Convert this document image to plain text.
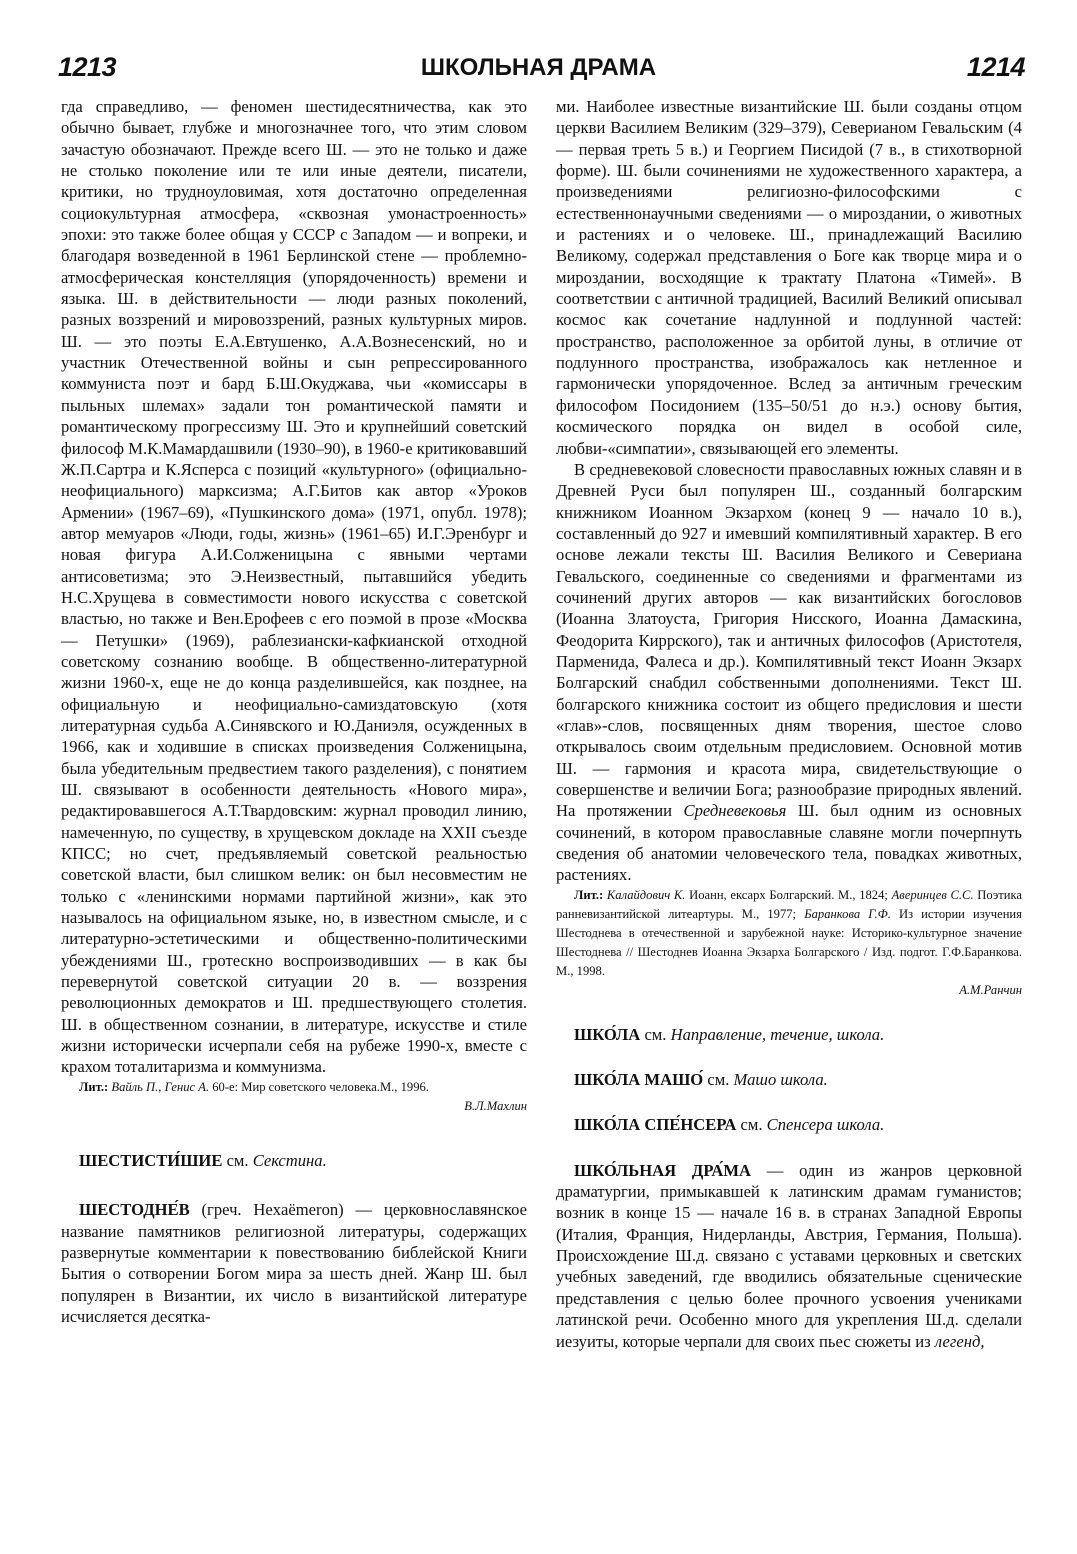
1213	ШКОЛЬНАЯ ДРАМА	1214

гда справедливо, — феномен шестидесятничества, как это обычно бывает, глубже и многозначнее того, что этим словом зачастую обозначают. Прежде всего Ш. — это не только и даже не столько поколение или те или иные деятели, писатели, критики, но трудноуловимая, хотя достаточно определенная социокультурная атмосфера, «сквозная умонастроенность» эпохи: это также более общая у СССР с Западом — и вопреки, и благодаря возведенной в 1961 Берлинской стене — проблемно-атмосферическая констелляция (упорядоченность) времени и языка. Ш. в действительности — люди разных поколений, разных воззрений и мировоззрений, разных культурных миров. Ш. — это поэты Е.А.Евтушенко, А.А.Вознесенский, но и участник Отечественной войны и сын репрессированного коммуниста поэт и бард Б.Ш.Окуджава, чьи «комиссары в пыльных шлемах» задали тон романтической памяти и романтическому прогрессизму Ш. Это и крупнейший советский философ М.К.Мамардашвили (1930–90), в 1960-е критиковавший Ж.П.Сартра и К.Ясперса с позиций «культурного» (официально-неофициального) марксизма; А.Г.Битов как автор «Уроков Армении» (1967–69), «Пушкинского дома» (1971, опубл. 1978); автор мемуаров «Люди, годы, жизнь» (1961–65) И.Г.Эренбург и новая фигура А.И.Солженицына с явными чертами антисоветизма; это Э.Неизвестный, пытавшийся убедить Н.С.Хрущева в совместимости нового искусства с советской властью, но также и Вен.Ерофеев с его поэмой в прозе «Москва — Петушки» (1969), раблезиански-кафкианской отходной советскому сознанию вообще. В общественно-литературной жизни 1960-х, еще не до конца разделившейся, как позднее, на официальную и неофициально-самиздатовскую (хотя литературная судьба А.Синявского и Ю.Даниэля, осужденных в 1966, как и ходившие в списках произведения Солженицына, была убедительным предвестием такого разделения), с понятием Ш. связывают в особенности деятельность «Нового мира», редактировавшегося А.Т.Твардовским: журнал проводил линию, намеченную, по существу, в хрущевском докладе на XXII съезде КПСС; но счет, предъявляемый советской реальностью советской власти, был слишком велик: он был несовместим не только с «ленинскими нормами партийной жизни», как это называлось на официальном языке, но, в известном смысле, и с литературно-эстетическими и общественно-политическими убеждениями Ш., гротескно воспроизводивших — в как бы перевернутой советской ситуации 20 в. — воззрения революционных демократов и Ш. предшествующего столетия. Ш. в общественном сознании, в литературе, искусстве и стиле жизни исторически исчерпали себя на рубеже 1990-х, вместе с крахом тоталитаризма и коммунизма.

Лит.: Вайль П., Генис А. 60-е: Мир советского человека.М., 1996.
В.Л.Махлин

ШЕСТИСТИ́ШИЕ см. Секстина.

ШЕСТОДНЕ́В (греч. Hexaëmeron) — церковнославянское название памятников религиозной литературы, содержащих развернутые комментарии к повествованию библейской Книги Бытия о сотворении Богом мира за шесть дней. Жанр Ш. был популярен в Византии, их число в византийской литературе исчисляется десятка-

ми. Наиболее известные византийские Ш. были созданы отцом церкви Василием Великим (329–379), Северианом Гевальским (4 — первая треть 5 в.) и Георгием Писидой (7 в., в стихотворной форме). Ш. были сочинениями не художественного характера, а произведениями религиозно-философскими с естественнонаучными сведениями — о мироздании, о животных и растениях и о человеке. Ш., принадлежащий Василию Великому, содержал представления о Боге как творце мира и о мироздании, восходящие к трактату Платона «Тимей». В соответствии с античной традицией, Василий Великий описывал космос как сочетание надлунной и подлунной частей: пространство, расположенное за орбитой луны, в отличие от подлунного пространства, изображалось как нетленное и гармонически упорядоченное. Вслед за античным греческим философом Посидонием (135–50/51 до н.э.) основу бытия, космического порядка он видел в особой силе, любви-«симпатии», связывающей его элементы.

В средневековой словесности православных южных славян и в Древней Руси был популярен Ш., созданный болгарским книжником Иоанном Экзархом (конец 9 — начало 10 в.), составленный до 927 и имевший компилятивный характер. В его основе лежали тексты Ш. Василия Великого и Севериана Гевальского, соединенные со сведениями и фрагментами из сочинений других авторов — как византийских богословов (Иоанна Златоуста, Григория Нисского, Иоанна Дамаскина, Феодорита Киррского), так и античных философов (Аристотеля, Парменида, Фалеса и др.). Компилятивный текст Иоанн Экзарх Болгарский снабдил собственными дополнениями. Текст Ш. болгарского книжника состоит из общего предисловия и шести «глав»-слов, посвященных дням творения, шестое слово открывалось своим отдельным предисловием. Основной мотив Ш. — гармония и красота мира, свидетельствующие о совершенстве и величии Бога; разнообразие природных явлений. На протяжении Средневековья Ш. был одним из основных сочинений, в котором православные славяне могли почерпнуть сведения об анатомии человеческого тела, повадках животных, растениях.

Лит.: Калайдович К. Иоанн, ексарх Болгарский. М., 1824; Аверинцев С.С. Поэтика ранневизантийской литеартуры. М., 1977; Баранкова Г.Ф. Из истории изучения Шестоднева в отечественной и зарубежной науке: Историко-культурное значение Шестоднева // Шестоднев Иоанна Экзарха Болгарского / Изд. подгот. Г.Ф.Баранкова. М., 1998.
А.М.Ранчин

ШКО́ЛА см. Направление, течение, школа.

ШКО́ЛА МАШО́ см. Машо школа.

ШКО́ЛА СПЕ́НСЕРА см. Спенсера школа.

ШКО́ЛЬНАЯ ДРА́МА — один из жанров церковной драматургии, примыкавшей к латинским драмам гуманистов; возник в конце 15 — начале 16 в. в странах Западной Европы (Италия, Франция, Нидерланды, Австрия, Германия, Польша). Происхождение Ш.д. связано с уставами церковных и светских учебных заведений, где вводились обязательные сценические представления с целью более прочного усвоения учениками латинской речи. Особенно много для укрепления Ш.д. сделали иезуиты, которые черпали для своих пьес сюжеты из легенд,
